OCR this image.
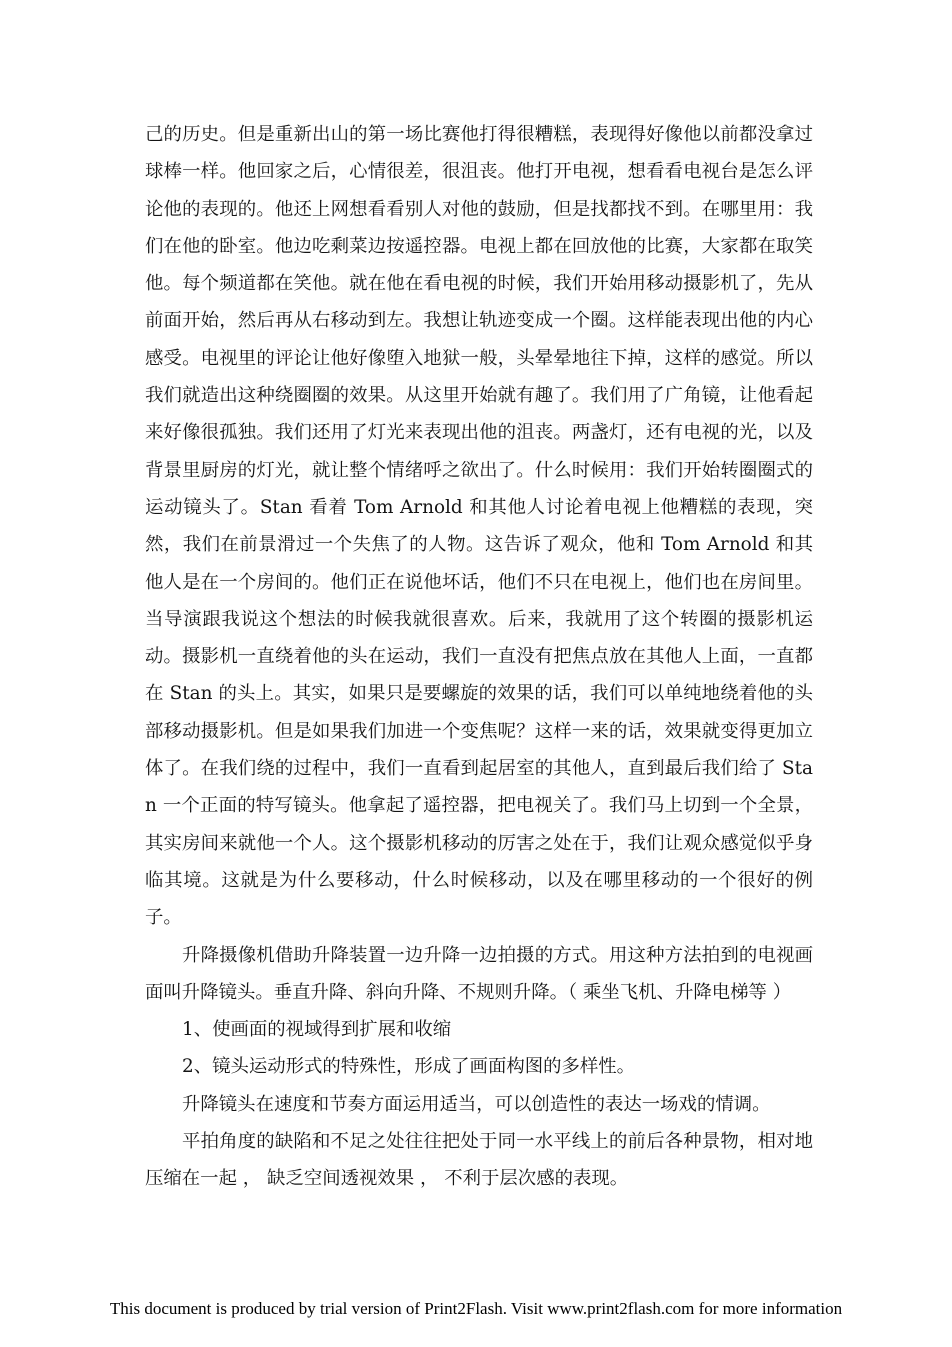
己的历史。但是重新出山的第一场比赛他打得很糟糕，表现得好像他以前都没拿过球棒一样。他回家之后，心情很差，很沮丧。他打开电视，想看看电视台是怎么评论他的表现的。他还上网想看看别人对他的鼓励，但是找都找不到。在哪里用：我们在他的卧室。他边吃剩菜边按遥控器。电视上都在回放他的比赛，大家都在取笑他。每个频道都在笑他。就在他在看电视的时候，我们开始用移动摄影机了，先从前面开始，然后再从右移动到左。我想让轨迹变成一个圈。这样能表现出他的内心感受。电视里的评论让他好像堕入地狱一般，头晕晕地往下掉，这样的感觉。所以我们就造出这种绕圈圈的效果。从这里开始就有趣了。我们用了广角镜，让他看起来好像很孤独。我们还用了灯光来表现出他的沮丧。两盏灯，还有电视的光，以及背景里厨房的灯光，就让整个情绪呼之欲出了。什么时候用：我们开始转圈圈式的运动镜头了。Stan 看着 Tom Arnold 和其他人讨论着电视上他糟糕的表现，突然，我们在前景滑过一个失焦了的人物。这告诉了观众，他和 Tom Arnold 和其他人是在一个房间的。他们正在说他坏话，他们不只在电视上，他们也在房间里。当导演跟我说这个想法的时候我就很喜欢。后来，我就用了这个转圈的摄影机运动。摄影机一直绕着他的头在运动，我们一直没有把焦点放在其他人上面，一直都在 Stan 的头上。其实，如果只是要螺旋的效果的话，我们可以单纯地绕着他的头部移动摄影机。但是如果我们加进一个变焦呢？这样一来的话，效果就变得更加立体了。在我们绕的过程中，我们一直看到起居室的其他人，直到最后我们给了 Stan 一个正面的特写镜头。他拿起了遥控器，把电视关了。我们马上切到一个全景，其实房间来就他一个人。这个摄影机移动的厉害之处在于，我们让观众感觉似乎身临其境。这就是为什么要移动，什么时候移动，以及在哪里移动的一个很好的例子。

升降摄像机借助升降装置一边升降一边拍摄的方式。用这种方法拍到的电视画面叫升降镜头。垂直升降、斜向升降、不规则升降。（ 乘坐飞机、升降电梯等 ）

1、使画面的视域得到扩展和收缩

2、镜头运动形式的特殊性，形成了画面构图的多样性。

升降镜头在速度和节奏方面运用适当，可以创造性的表达一场戏的情调。

平拍角度的缺陷和不足之处往往把处于同一水平线上的前后各种景物，相对地压缩在一起 ， 缺乏空间透视效果 ， 不利于层次感的表现。

This document is produced by trial version of Print2Flash. Visit www.print2flash.com for more information
